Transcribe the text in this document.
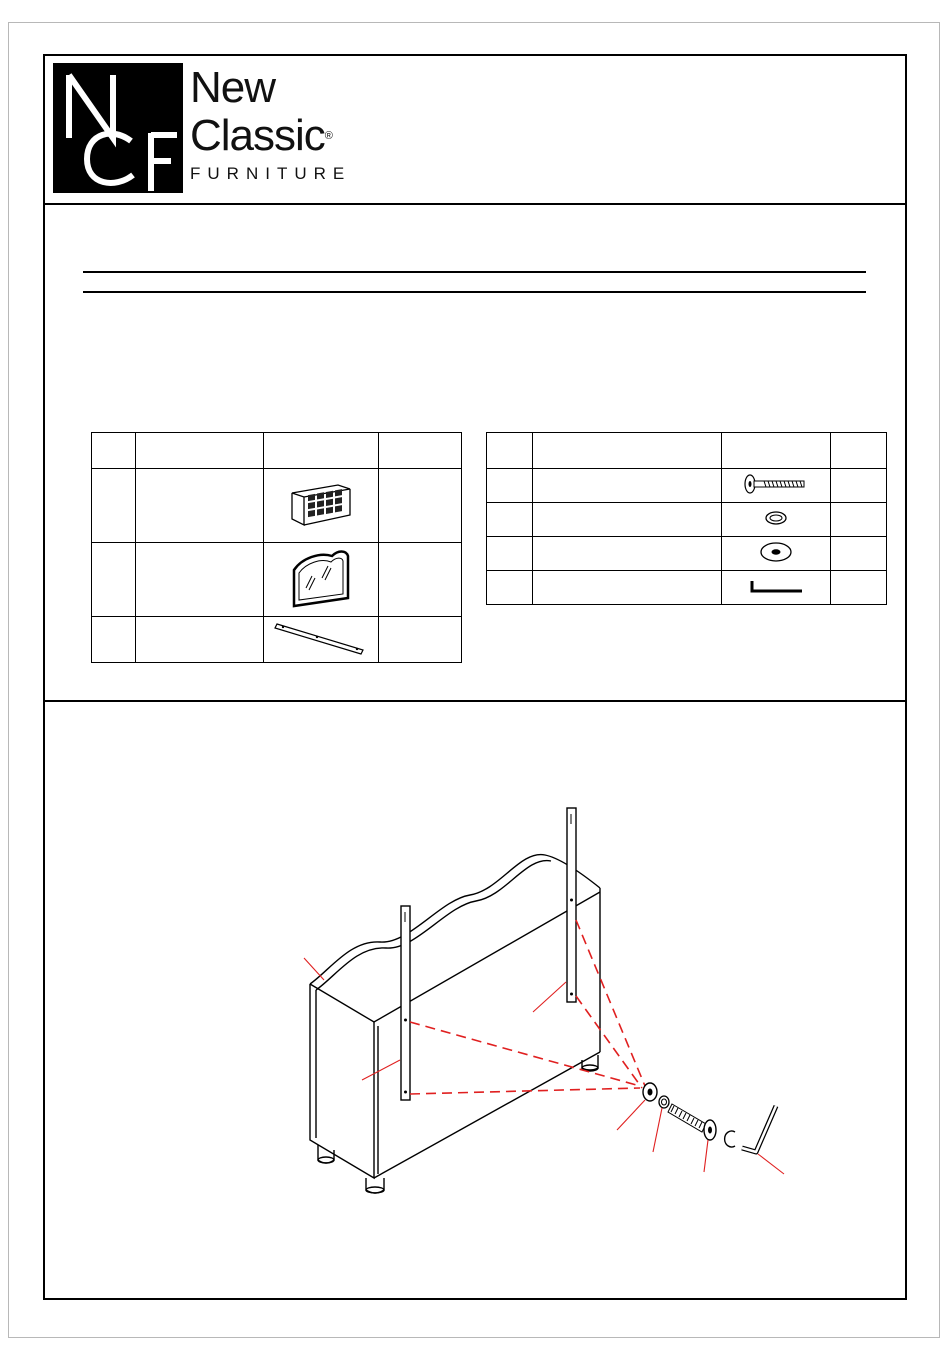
New
Classic®
FURNITURE
